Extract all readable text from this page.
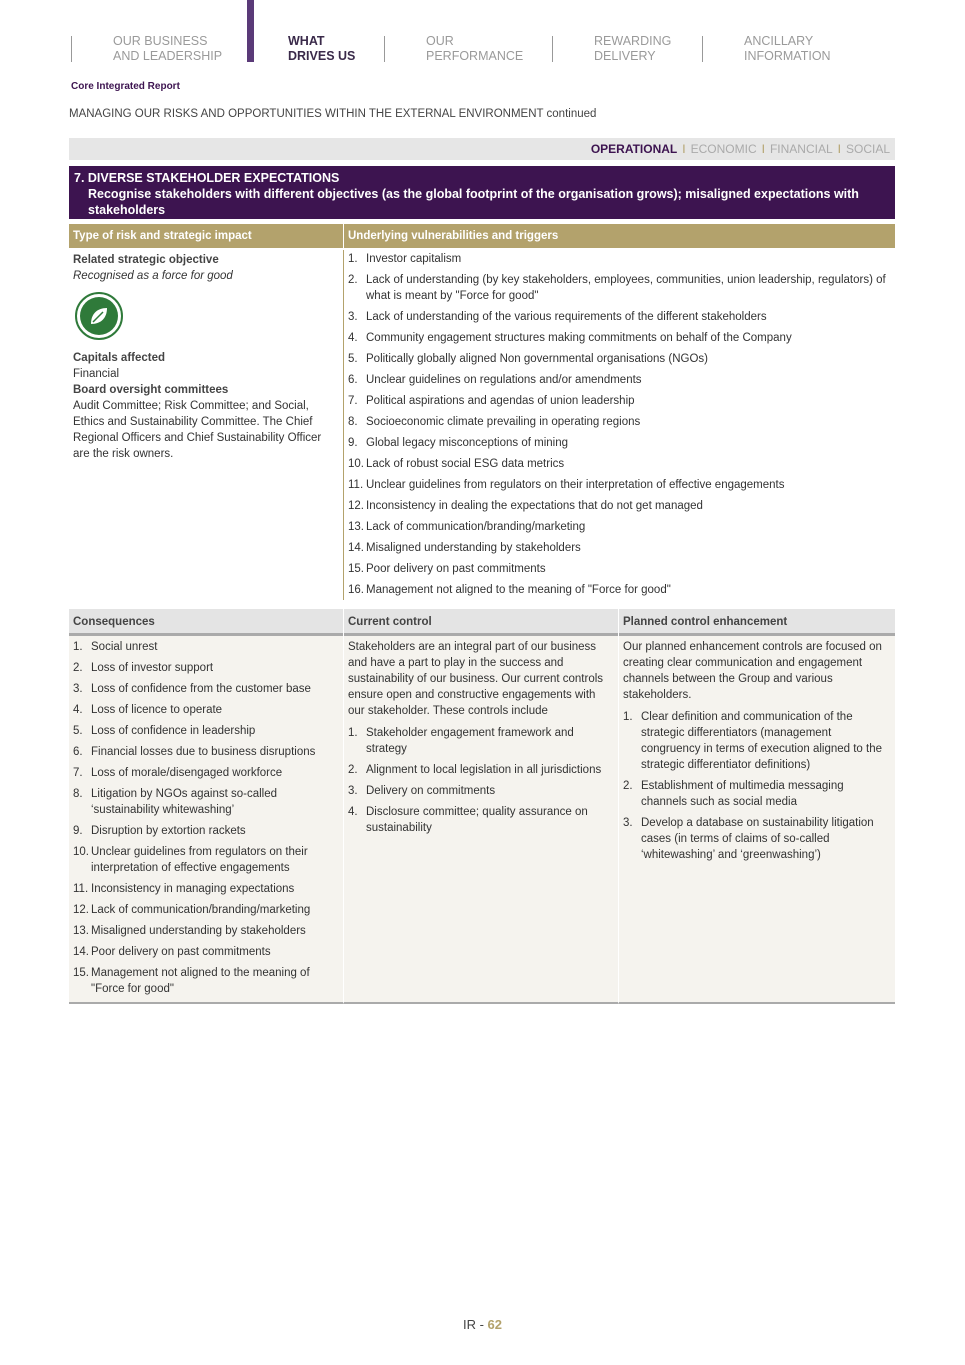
OUR BUSINESS
AND LEADERSHIP
WHAT
DRIVES US
OUR
PERFORMANCE
REWARDING
DELIVERY
ANCILLARY
INFORMATION
Core Integrated Report
MANAGING OUR RISKS AND OPPORTUNITIES WITHIN THE EXTERNAL ENVIRONMENT continued
OPERATIONAL I ECONOMIC I FINANCIAL I SOCIAL
7. DIVERSE STAKEHOLDER EXPECTATIONS
Recognise stakeholders with different objectives (as the global footprint of the organisation grows); misaligned expectations with stakeholders
Type of risk and strategic impact	Underlying vulnerabilities and triggers
Related strategic objective
Recognised as a force for good
Capitals affected
Financial
Board oversight committees
Audit Committee; Risk Committee; and Social, Ethics and Sustainability Committee. The Chief Regional Officers and Chief Sustainability Officer are the risk owners.
1. Investor capitalism
2. Lack of understanding (by key stakeholders, employees, communities, union leadership, regulators) of what is meant by "Force for good"
3. Lack of understanding of the various requirements of the different stakeholders
4. Community engagement structures making commitments on behalf of the Company
5. Politically globally aligned Non governmental organisations (NGOs)
6. Unclear guidelines on regulations and/or amendments
7. Political aspirations and agendas of union leadership
8. Socioeconomic climate prevailing in operating regions
9. Global legacy misconceptions of mining
10. Lack of robust social ESG data metrics
11. Unclear guidelines from regulators on their interpretation of effective engagements
12. Inconsistency in dealing the expectations that do not get managed
13. Lack of communication/branding/marketing
14. Misaligned understanding by stakeholders
15. Poor delivery on past commitments
16. Management not aligned to the meaning of "Force for good"
Consequences
1. Social unrest
2. Loss of investor support
3. Loss of confidence from the customer base
4. Loss of licence to operate
5. Loss of confidence in leadership
6. Financial losses due to business disruptions
7. Loss of morale/disengaged workforce
8. Litigation by NGOs against so-called ‘sustainability whitewashing’
9. Disruption by extortion rackets
10. Unclear guidelines from regulators on their interpretation of effective engagements
11. Inconsistency in managing expectations
12. Lack of communication/branding/marketing
13. Misaligned understanding by stakeholders
14. Poor delivery on past commitments
15. Management not aligned to the meaning of "Force for good"
Current control

Stakeholders are an integral part of our business and have a part to play in the success and sustainability of our business. Our current controls ensure open and constructive engagements with our stakeholder. These controls include

1. Stakeholder engagement framework and strategy
2. Alignment to local legislation in all jurisdictions
3. Delivery on commitments
4. Disclosure committee; quality assurance on sustainability
Planned control enhancement

Our planned enhancement controls are focused on creating clear communication and engagement channels between the Group and various stakeholders.

1. Clear definition and communication of the strategic differentiators (management congruency in terms of execution aligned to the strategic differentiator definitions)
2. Establishment of multimedia messaging channels such as social media
3. Develop a database on sustainability litigation cases (in terms of claims of so-called ‘whitewashing’ and ‘greenwashing’)
IR - 62
